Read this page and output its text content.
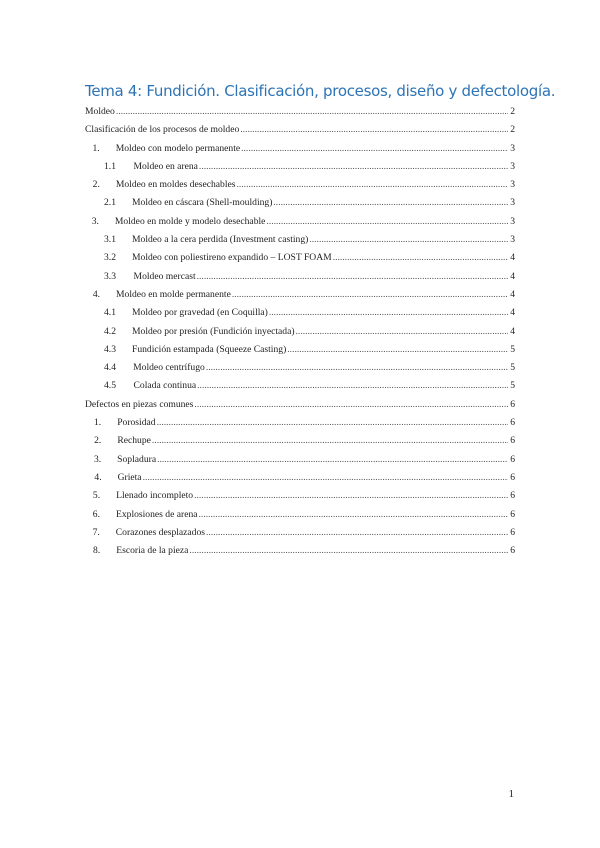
Tema 4: Fundición. Clasificación, procesos, diseño y defectología.
Moldeo .....	2
Clasificación de los procesos de moldeo .....	2
1.	Moldeo con modelo permanente .....	3
1.1	Moldeo en arena .....	3
2.	Moldeo en moldes desechables .....	3
2.1	Moldeo en cáscara (Shell-moulding) .....	3
3.	Moldeo en molde y modelo desechable .....	3
3.1	Moldeo a la cera perdida (Investment casting) .....	3
3.2	Moldeo con poliestireno expandido – LOST FOAM .....	4
3.3	Moldeo mercast .....	4
4.	Moldeo en molde permanente .....	4
4.1	Moldeo por gravedad (en Coquilla) .....	4
4.2	Moldeo por presión (Fundición inyectada) .....	4
4.3	Fundición estampada (Squeeze Casting) .....	5
4.4	Moldeo centrífugo .....	5
4.5	Colada continua .....	5
Defectos en piezas comunes .....	6
1.	Porosidad .....	6
2.	Rechupe .....	6
3.	Sopladura .....	6
4.	Grieta .....	6
5.	Llenado incompleto .....	6
6.	Explosiones de arena .....	6
7.	Corazones desplazados .....	6
8.	Escoria de la pieza .....	6
1
